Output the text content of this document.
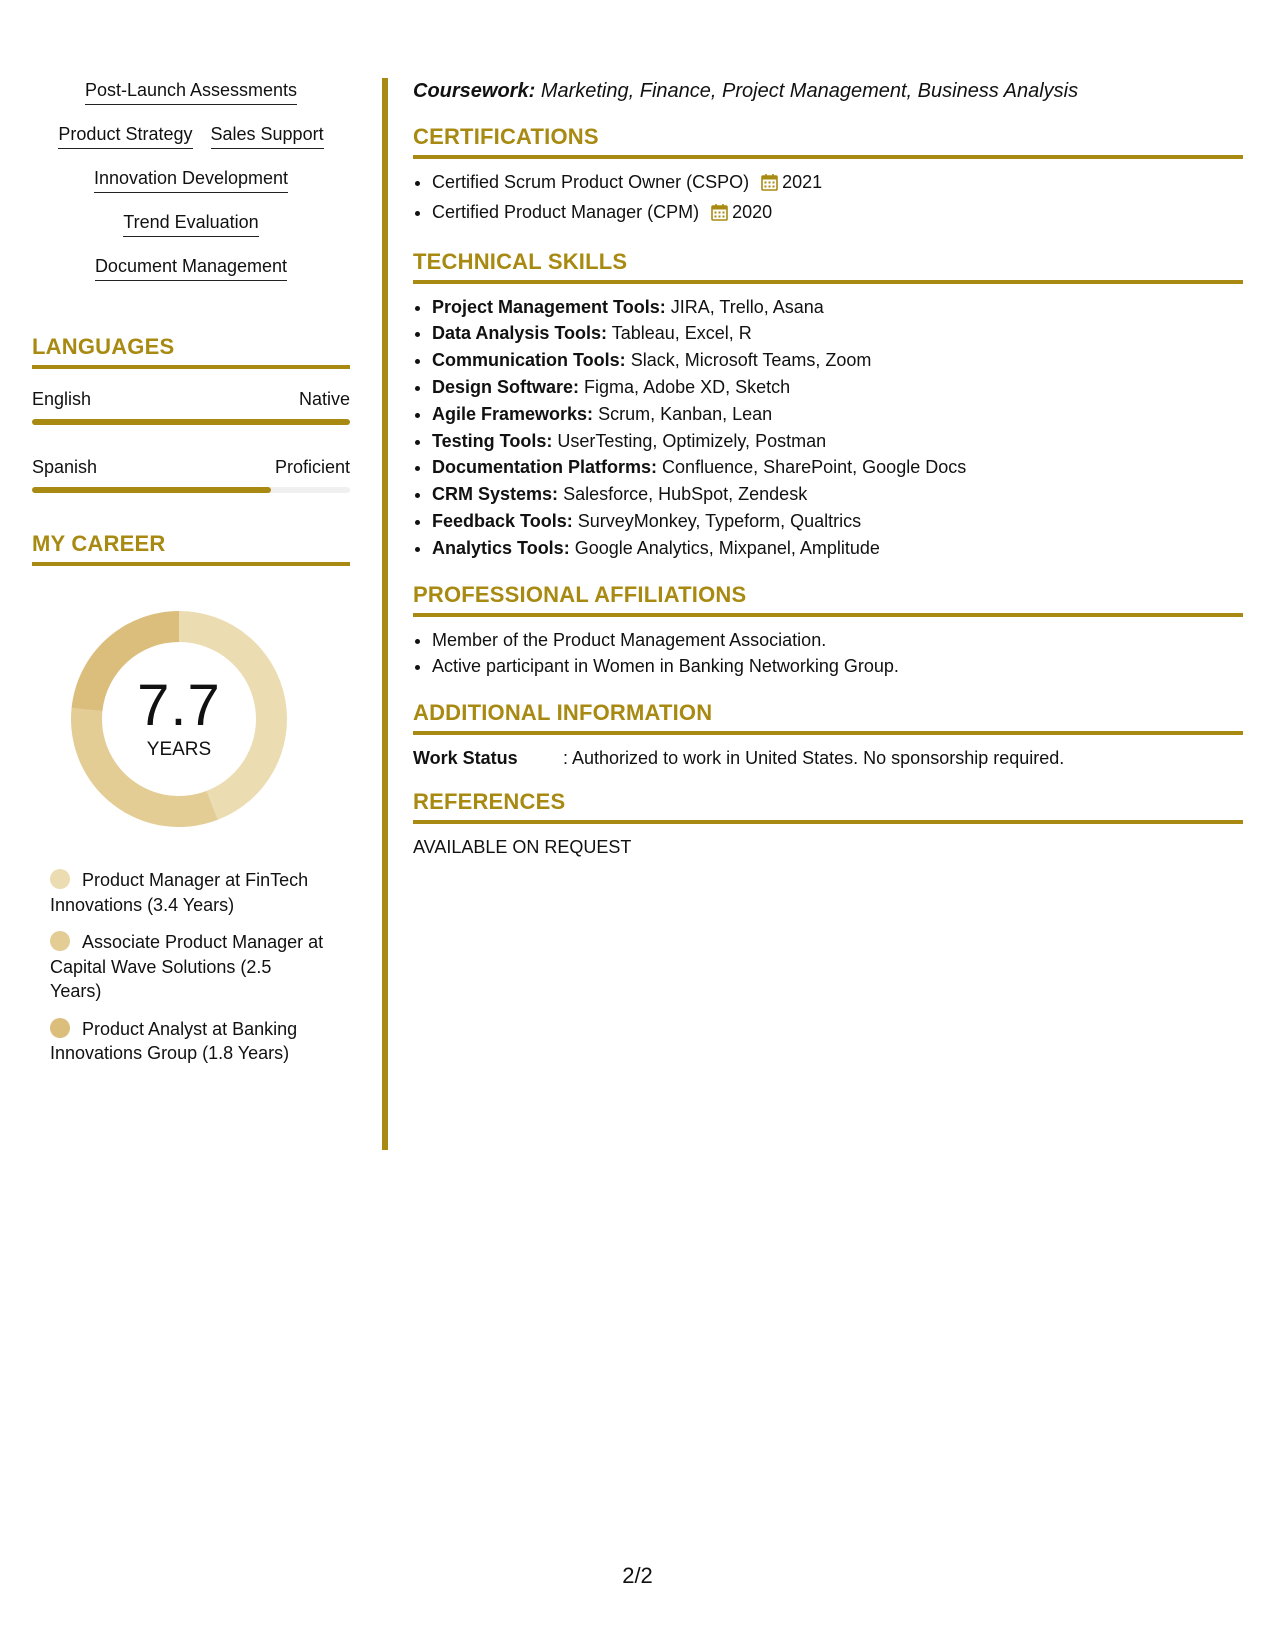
Post-Launch Assessments
Product Strategy Sales Support
Innovation Development
Trend Evaluation
Document Management
LANGUAGES
English	Native
Spanish	Proficient
MY CAREER
7.7
YEARS
Product Manager at FinTech Innovations (3.4 Years)
Associate Product Manager at Capital Wave Solutions (2.5 Years)
Product Analyst at Banking Innovations Group (1.8 Years)
Coursework: Marketing, Finance, Project Management, Business Analysis
CERTIFICATIONS
• Certified Scrum Product Owner (CSPO) 2021
• Certified Product Manager (CPM) 2020
TECHNICAL SKILLS
• Project Management Tools: JIRA, Trello, Asana
• Data Analysis Tools: Tableau, Excel, R
• Communication Tools: Slack, Microsoft Teams, Zoom
• Design Software: Figma, Adobe XD, Sketch
• Agile Frameworks: Scrum, Kanban, Lean
• Testing Tools: UserTesting, Optimizely, Postman
• Documentation Platforms: Confluence, SharePoint, Google Docs
• CRM Systems: Salesforce, HubSpot, Zendesk
• Feedback Tools: SurveyMonkey, Typeform, Qualtrics
• Analytics Tools: Google Analytics, Mixpanel, Amplitude
PROFESSIONAL AFFILIATIONS
• Member of the Product Management Association.
• Active participant in Women in Banking Networking Group.
ADDITIONAL INFORMATION
Work Status	: Authorized to work in United States. No sponsorship required.
REFERENCES
AVAILABLE ON REQUEST
2/2
